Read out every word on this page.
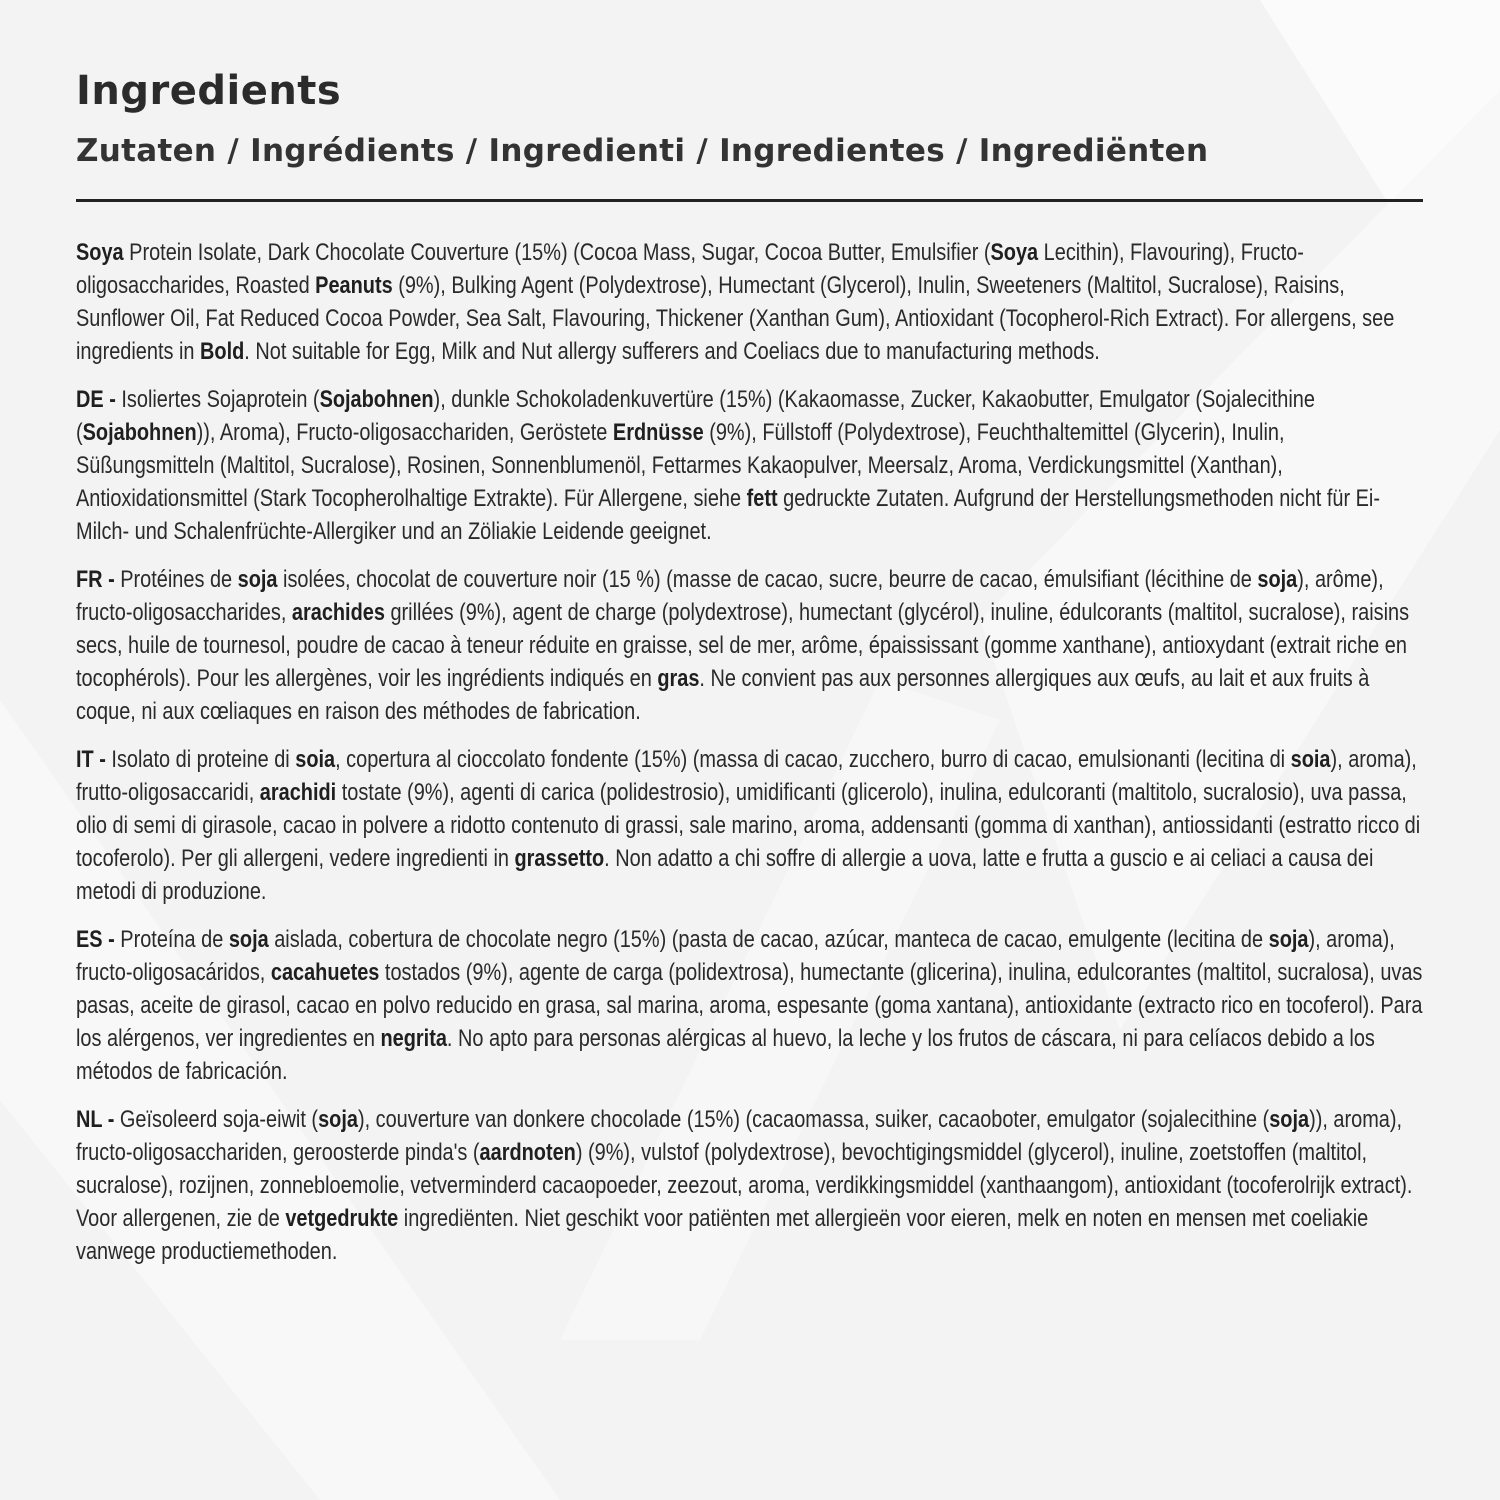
Ingredients
Zutaten / Ingrédients / Ingredienti / Ingredientes / Ingrediënten

Soya Protein Isolate, Dark Chocolate Couverture (15%) (Cocoa Mass, Sugar, Cocoa Butter, Emulsifier (Soya Lecithin), Flavouring), Fructo-oligosaccharides, Roasted Peanuts (9%), Bulking Agent (Polydextrose), Humectant (Glycerol), Inulin, Sweeteners (Maltitol, Sucralose), Raisins, Sunflower Oil, Fat Reduced Cocoa Powder, Sea Salt, Flavouring, Thickener (Xanthan Gum), Antioxidant (Tocopherol-Rich Extract). For allergens, see ingredients in Bold. Not suitable for Egg, Milk and Nut allergy sufferers and Coeliacs due to manufacturing methods.

DE - Isoliertes Sojaprotein (Sojabohnen), dunkle Schokoladenkuvertüre (15%) (Kakaomasse, Zucker, Kakaobutter, Emulgator (Sojalecithine (Sojabohnen)), Aroma), Fructo-oligosacchariden, Geröstete Erdnüsse (9%), Füllstoff (Polydextrose), Feuchthaltemittel (Glycerin), Inulin, Süßungsmitteln (Maltitol, Sucralose), Rosinen, Sonnenblumenöl, Fettarmes Kakaopulver, Meersalz, Aroma, Verdickungsmittel (Xanthan), Antioxidationsmittel (Stark Tocopherolhaltige Extrakte). Für Allergene, siehe fett gedruckte Zutaten. Aufgrund der Herstellungsmethoden nicht für Ei-Milch- und Schalenfrüchte-Allergiker und an Zöliakie Leidende geeignet.

FR - Protéines de soja isolées, chocolat de couverture noir (15 %) (masse de cacao, sucre, beurre de cacao, émulsifiant (lécithine de soja), arôme), fructo-oligosaccharides, arachides grillées (9%), agent de charge (polydextrose), humectant (glycérol), inuline, édulcorants (maltitol, sucralose), raisins secs, huile de tournesol, poudre de cacao à teneur réduite en graisse, sel de mer, arôme, épaississant (gomme xanthane), antioxydant (extrait riche en tocophérols). Pour les allergènes, voir les ingrédients indiqués en gras. Ne convient pas aux personnes allergiques aux œufs, au lait et aux fruits à coque, ni aux cœliaques en raison des méthodes de fabrication.

IT - Isolato di proteine di soia, copertura al cioccolato fondente (15%) (massa di cacao, zucchero, burro di cacao, emulsionanti (lecitina di soia), aroma), frutto-oligosaccaridi, arachidi tostate (9%), agenti di carica (polidestrosio), umidificanti (glicerolo), inulina, edulcoranti (maltitolo, sucralosio), uva passa, olio di semi di girasole, cacao in polvere a ridotto contenuto di grassi, sale marino, aroma, addensanti (gomma di xanthan), antiossidanti (estratto ricco di tocoferolo). Per gli allergeni, vedere ingredienti in grassetto. Non adatto a chi soffre di allergie a uova, latte e frutta a guscio e ai celiaci a causa dei metodi di produzione.

ES - Proteína de soja aislada, cobertura de chocolate negro (15%) (pasta de cacao, azúcar, manteca de cacao, emulgente (lecitina de soja), aroma), fructo-oligosacáridos, cacahuetes tostados (9%), agente de carga (polidextrosa), humectante (glicerina), inulina, edulcorantes (maltitol, sucralosa), uvas pasas, aceite de girasol, cacao en polvo reducido en grasa, sal marina, aroma, espesante (goma xantana), antioxidante (extracto rico en tocoferol). Para los alérgenos, ver ingredientes en negrita. No apto para personas alérgicas al huevo, la leche y los frutos de cáscara, ni para celíacos debido a los métodos de fabricación.

NL - Geïsoleerd soja-eiwit (soja), couverture van donkere chocolade (15%) (cacaomassa, suiker, cacaoboter, emulgator (sojalecithine (soja)), aroma), fructo-oligosacchariden, geroosterde pinda's (aardnoten) (9%), vulstof (polydextrose), bevochtigingsmiddel (glycerol), inuline, zoetstoffen (maltitol, sucralose), rozijnen, zonnebloemolie, vetverminderd cacaopoeder, zeezout, aroma, verdikkingsmiddel (xanthaangom), antioxidant (tocoferolrijk extract). Voor allergenen, zie de vetgedrukte ingrediënten. Niet geschikt voor patiënten met allergieën voor eieren, melk en noten en mensen met coeliakie vanwege productiemethoden.
